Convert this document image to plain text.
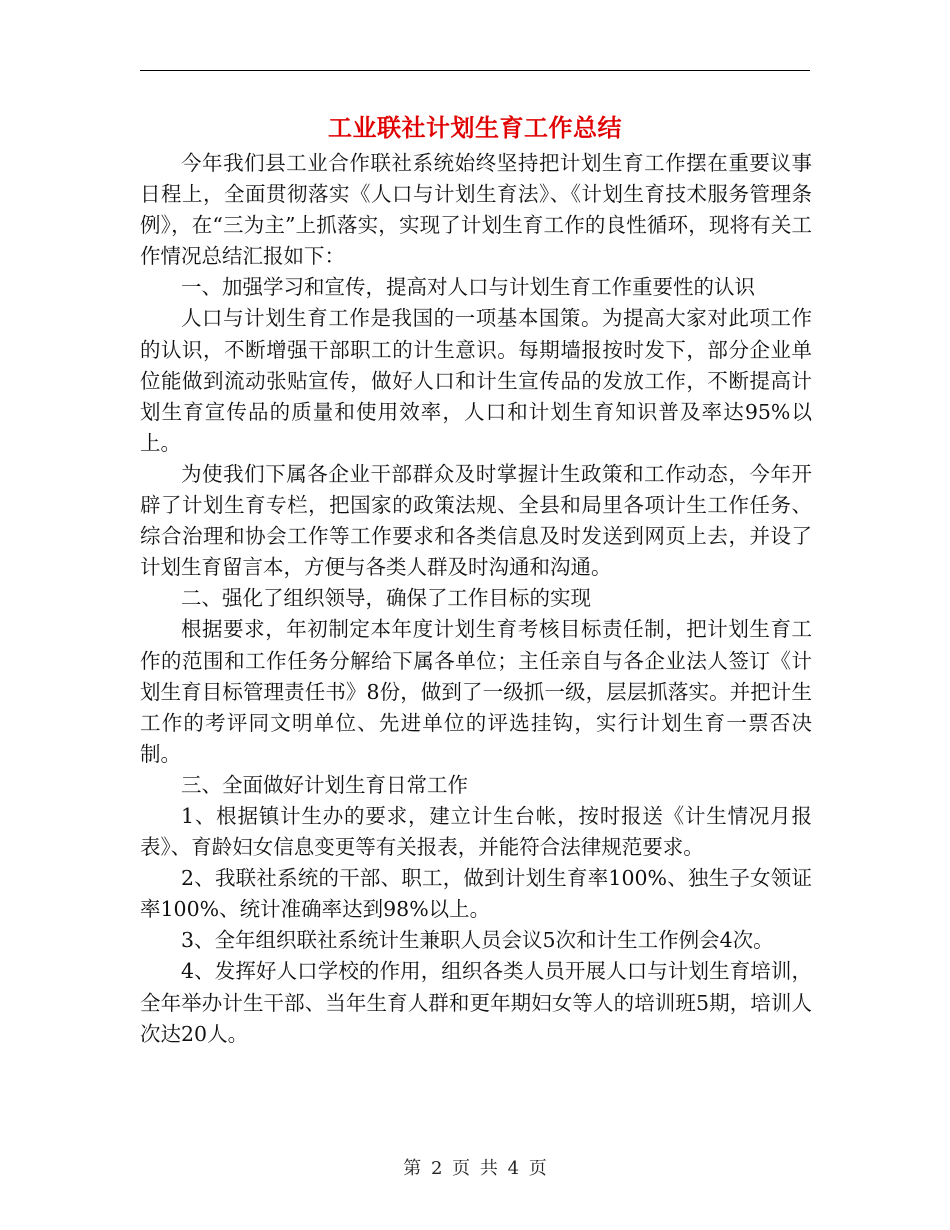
工业联社计划生育工作总结

今年我们县工业合作联社系统始终坚持把计划生育工作摆在重要议事日程上，全面贯彻落实《人口与计划生育法》、《计划生育技术服务管理条例》，在“三为主”上抓落实，实现了计划生育工作的良性循环，现将有关工作情况总结汇报如下：

一、加强学习和宣传，提高对人口与计划生育工作重要性的认识

人口与计划生育工作是我国的一项基本国策。为提高大家对此项工作的认识，不断增强干部职工的计生意识。每期墙报按时发下，部分企业单位能做到流动张贴宣传，做好人口和计生宣传品的发放工作，不断提高计划生育宣传品的质量和使用效率，人口和计划生育知识普及率达95%以上。

为使我们下属各企业干部群众及时掌握计生政策和工作动态，今年开辟了计划生育专栏，把国家的政策法规、全县和局里各项计生工作任务、综合治理和协会工作等工作要求和各类信息及时发送到网页上去，并设了计划生育留言本，方便与各类人群及时沟通和沟通。

二、强化了组织领导，确保了工作目标的实现

根据要求，年初制定本年度计划生育考核目标责任制，把计划生育工作的范围和工作任务分解给下属各单位；主任亲自与各企业法人签订《计划生育目标管理责任书》8份，做到了一级抓一级，层层抓落实。并把计生工作的考评同文明单位、先进单位的评选挂钩，实行计划生育一票否决制。

三、全面做好计划生育日常工作

1、根据镇计生办的要求，建立计生台帐，按时报送《计生情况月报表》、育龄妇女信息变更等有关报表，并能符合法律规范要求。

2、我联社系统的干部、职工，做到计划生育率100%、独生子女领证率100%、统计准确率达到98%以上。

3、全年组织联社系统计生兼职人员会议5次和计生工作例会4次。

4、发挥好人口学校的作用，组织各类人员开展人口与计划生育培训，全年举办计生干部、当年生育人群和更年期妇女等人的培训班5期，培训人次达20人。

第 2 页 共 4 页
